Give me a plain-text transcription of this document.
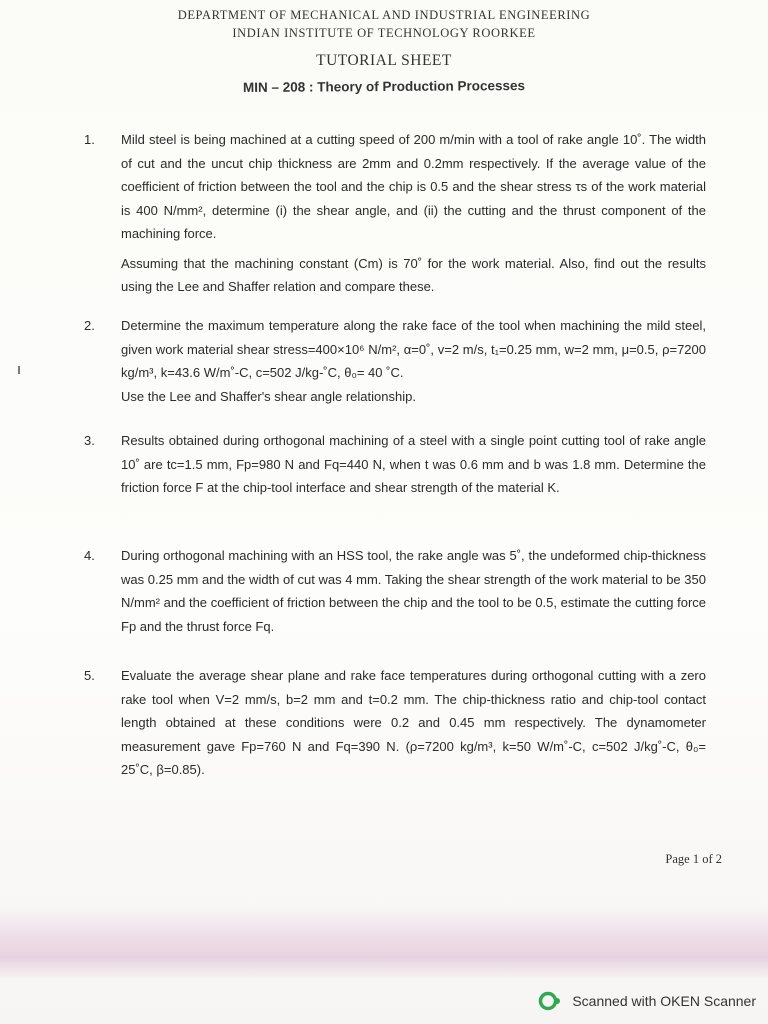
DEPARTMENT OF MECHANICAL AND INDUSTRIAL ENGINEERING
INDIAN INSTITUTE OF TECHNOLOGY ROORKEE
TUTORIAL SHEET
MIN – 208 : Theory of Production Processes
1.	Mild steel is being machined at a cutting speed of 200 m/min with a tool of rake angle 10˚. The width of cut and the uncut chip thickness are 2mm and 0.2mm respectively. If the average value of the coefficient of friction between the tool and the chip is 0.5 and the shear stress τs of the work material is 400 N/mm², determine (i) the shear angle, and (ii) the cutting and the thrust component of the machining force.

Assuming that the machining constant (Cm) is 70˚ for the work material. Also, find out the results using the Lee and Shaffer relation and compare these.

2.	Determine the maximum temperature along the rake face of the tool when machining the mild steel, given work material shear stress=400×10⁶ N/m², α=0˚, v=2 m/s, t₁=0.25 mm, w=2 mm, μ=0.5, ρ=7200 kg/m³, k=43.6 W/m˚-C, c=502 J/kg-˚C, θ₀= 40 ˚C.

Use the Lee and Shaffer's shear angle relationship.

3.	Results obtained during orthogonal machining of a steel with a single point cutting tool of rake angle 10˚ are tc=1.5 mm, Fp=980 N and Fq=440 N, when t was 0.6 mm and b was 1.8 mm. Determine the friction force F at the chip-tool interface and shear strength of the material K.

4.	During orthogonal machining with an HSS tool, the rake angle was 5˚, the undeformed chip-thickness was 0.25 mm and the width of cut was 4 mm. Taking the shear strength of the work material to be 350 N/mm² and the coefficient of friction between the chip and the tool to be 0.5, estimate the cutting force Fp and the thrust force Fq.

5.	Evaluate the average shear plane and rake face temperatures during orthogonal cutting with a zero rake tool when V=2 mm/s, b=2 mm and t=0.2 mm. The chip-thickness ratio and chip-tool contact length obtained at these conditions were 0.2 and 0.45 mm respectively. The dynamometer measurement gave Fp=760 N and Fq=390 N. (ρ=7200 kg/m³, k=50 W/m˚-C, c=502 J/kg˚-C, θ₀= 25˚C, β=0.85).

Page 1 of 2
Scanned with OKEN Scanner
